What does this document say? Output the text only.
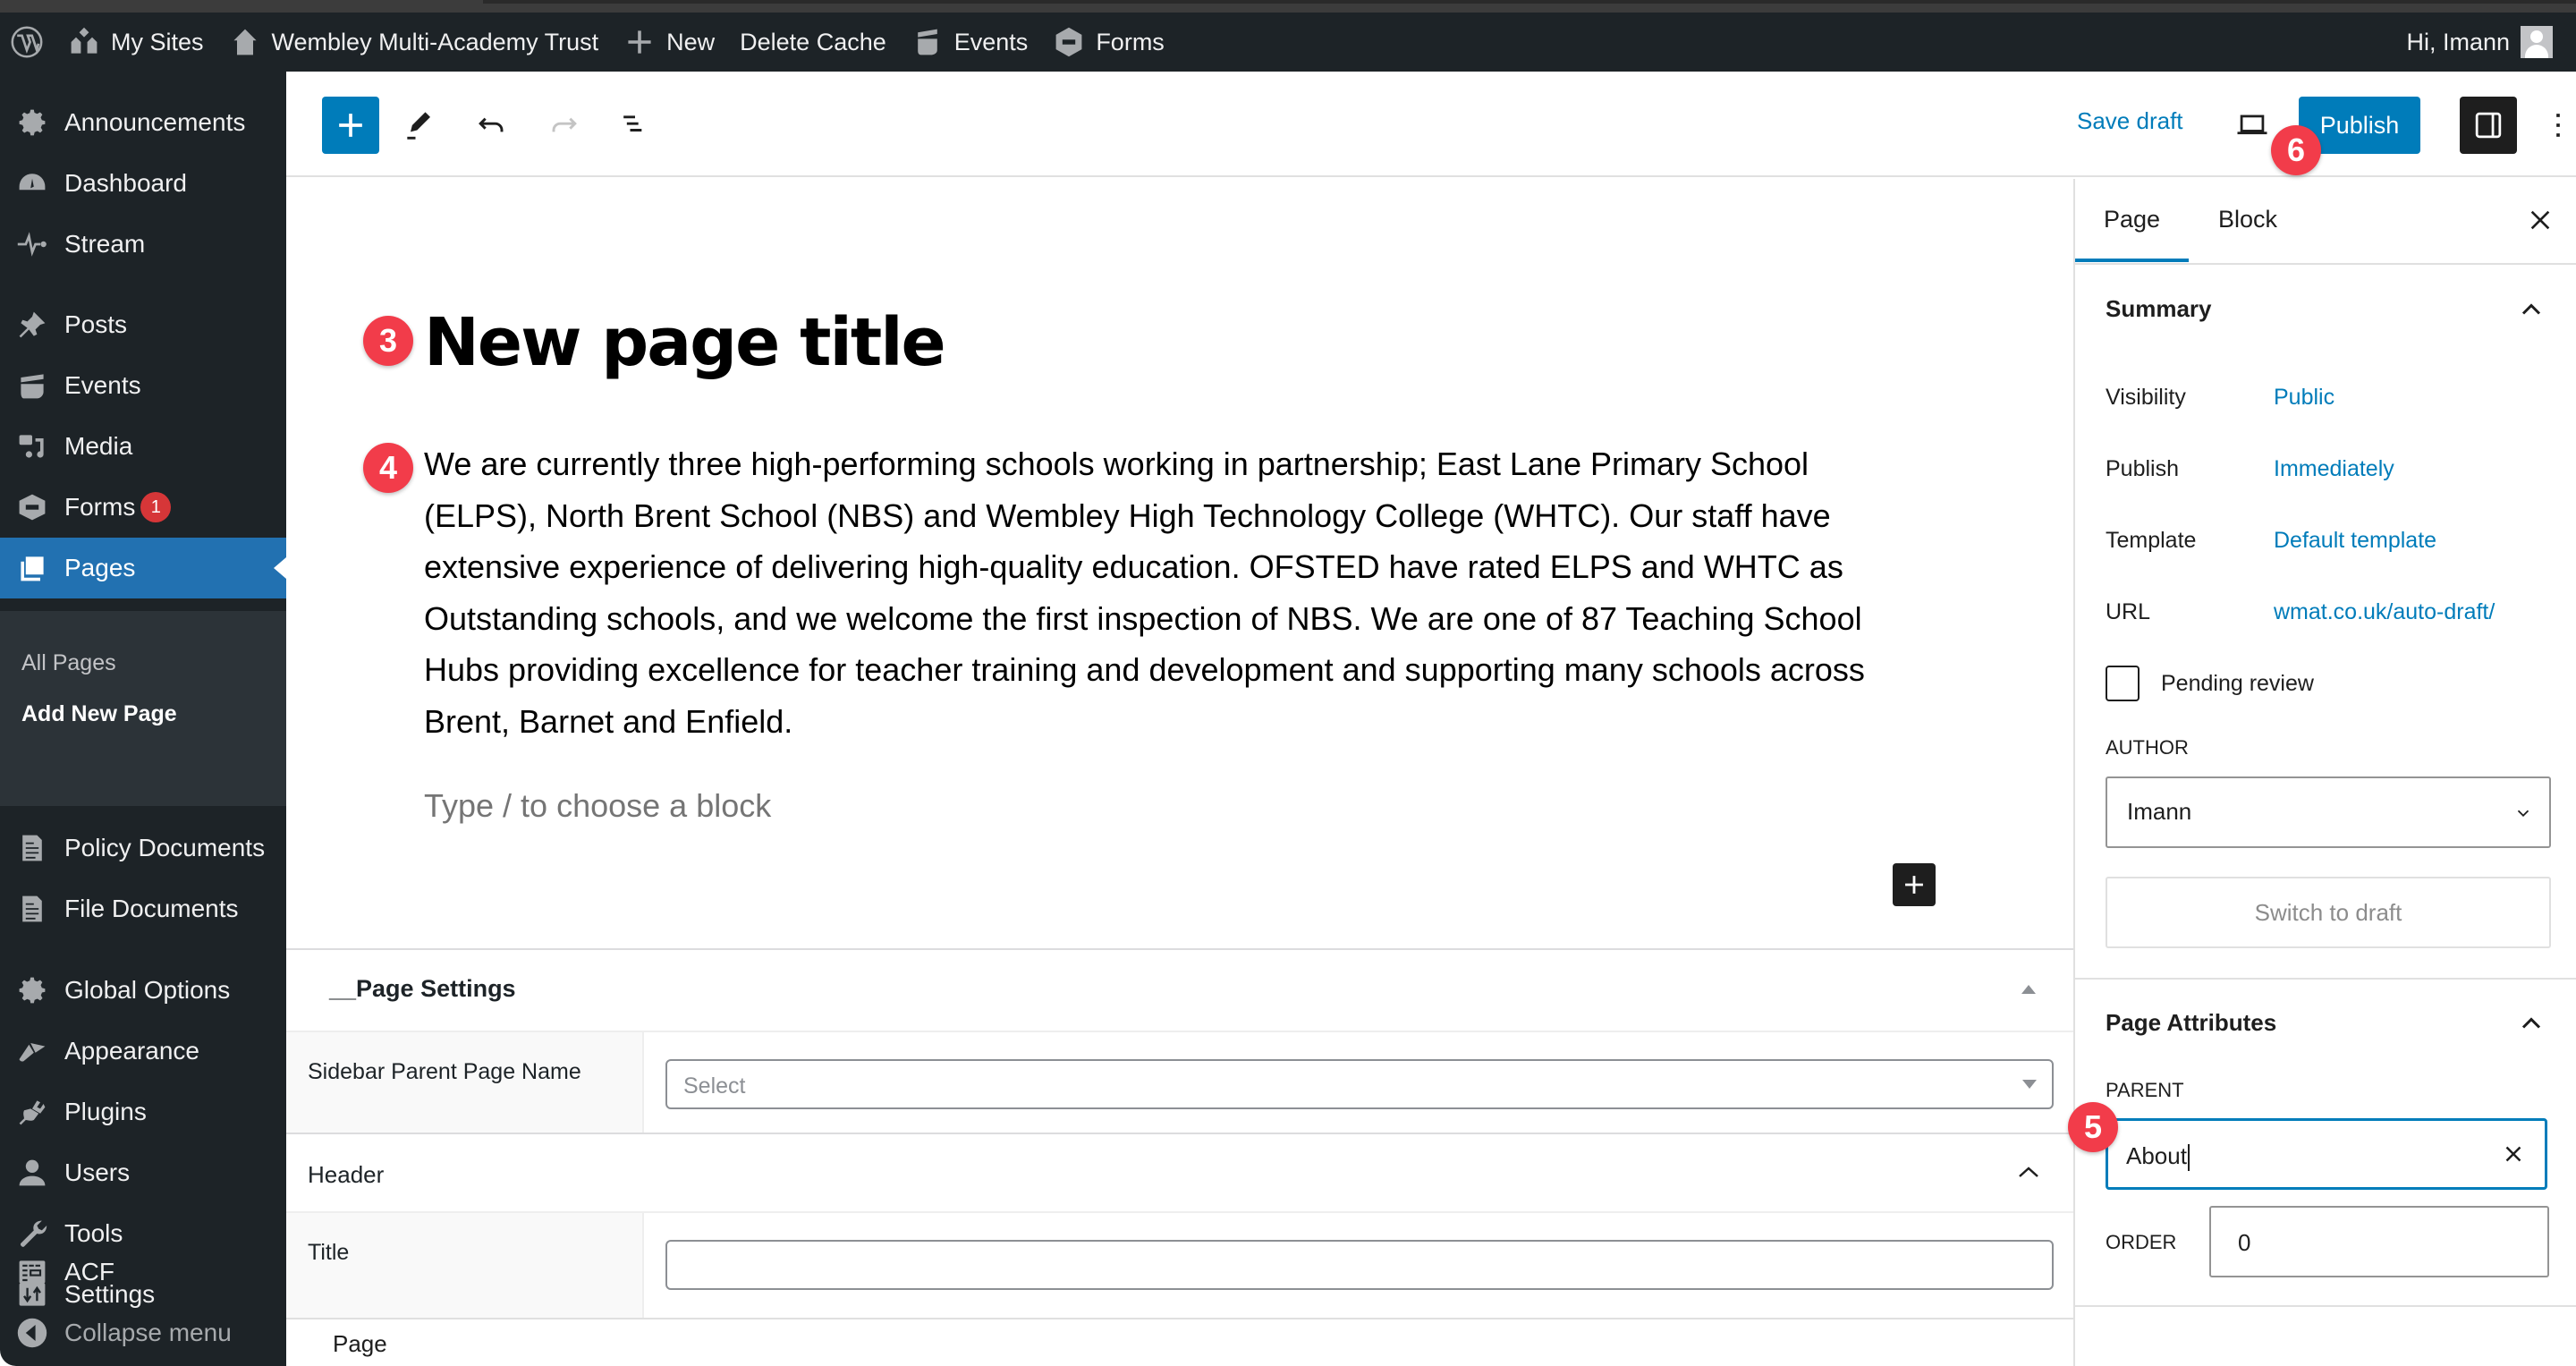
My Sites	Wembley Multi-Academy Trust	New Delete Cache	Events	Forms	Hi, Imann
Announcements
Dashboard
Stream
Posts
Events
Media
Forms 1
Pages
All Pages
Add New Page
Policy Documents
File Documents
Global Options
Appearance
Plugins
Users
Tools
Settings
ACF
Collapse menu
Save draft	Publish
6
New page title

We are currently three high-performing schools working in partnership; East Lane Primary School (ELPS), North Brent School (NBS) and Wembley High Technology College (WHTC). Our staff have extensive experience of delivering high-quality education. OFSTED have rated ELPS and WHTC as Outstanding schools, and we welcome the first inspection of NBS. We are one of 87 Teaching School Hubs providing excellence for teacher training and development and supporting many schools across Brent, Barnet and Enfield.

Type / to choose a block
3
4
__Page Settings
Sidebar Parent Page Name
Select
Header
Title
Page
Page Block
Summary
Visibility	Public
Publish	Immediately
Template	Default template
URL	wmat.co.uk/auto-draft/
Pending review
AUTHOR
Imann
Switch to draft
Page Attributes
PARENT
About
ORDER	0
5
